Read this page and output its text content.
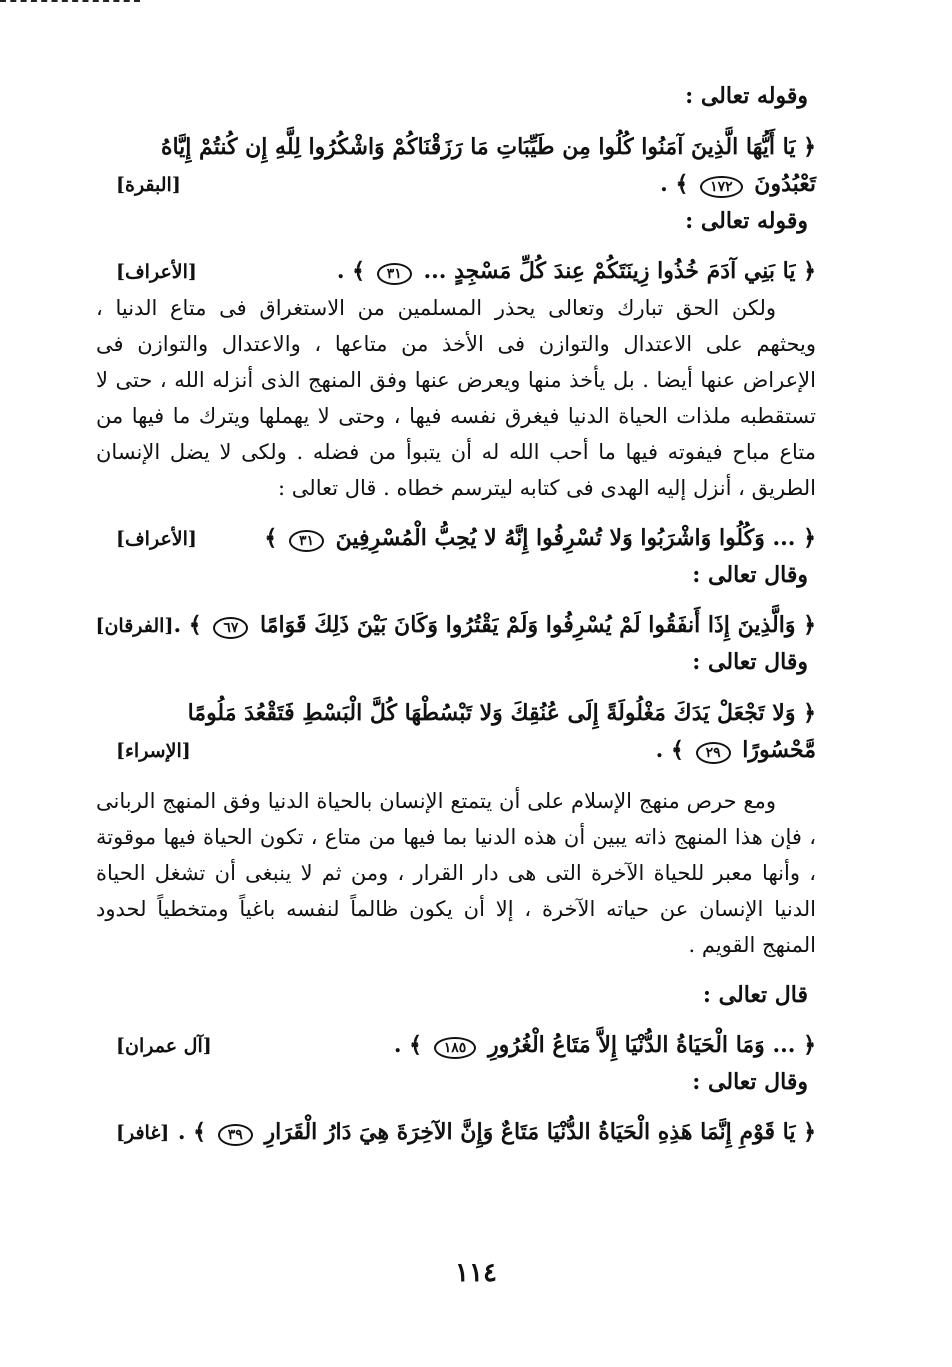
وقوله تعالى :
﴿ يَا أَيُّهَا الَّذِينَ آمَنُوا كُلُوا مِن طَيِّبَاتِ مَا رَزَقْنَاكُمْ وَاشْكُرُوا لِلَّهِ إِن كُنتُمْ إِيَّاهُ
تَعْبُدُونَ ١٧٢ ﴾ .
[البقرة]
وقوله تعالى :
﴿ يَا بَنِي آدَمَ خُذُوا زِينَتَكُمْ عِندَ كُلِّ مَسْجِدٍ ... ٣١ ﴾ .
[الأعراف]

ولكن الحق تبارك وتعالى يحذر المسلمين من الاستغراق فى متاع الدنيا ، ويحثهم على الاعتدال والتوازن فى الأخذ من متاعها ، والاعتدال والتوازن فى الإعراض عنها أيضا . بل يأخذ منها ويعرض عنها وفق المنهج الذى أنزله الله ، حتى لا تستقطبه ملذات الحياة الدنيا فيغرق نفسه فيها ، وحتى لا يهملها ويترك ما فيها من متاع مباح فيفوته فيها ما أحب الله له أن يتبوأ من فضله . ولكى لا يضل الإنسان الطريق ، أنزل إليه الهدى فى كتابه ليترسم خطاه . قال تعالى :

﴿ ... وَكُلُوا وَاشْرَبُوا وَلا تُسْرِفُوا إِنَّهُ لا يُحِبُّ الْمُسْرِفِينَ ٣١ ﴾
[الأعراف]
وقال تعالى :
﴿ وَالَّذِينَ إِذَا أَنفَقُوا لَمْ يُسْرِفُوا وَلَمْ يَقْتُرُوا وَكَانَ بَيْنَ ذَلِكَ قَوَامًا ٦٧ ﴾ .
[الفرقان]
وقال تعالى :
﴿ وَلا تَجْعَلْ يَدَكَ مَغْلُولَةً إِلَى عُنُقِكَ وَلا تَبْسُطْهَا كُلَّ الْبَسْطِ فَتَقْعُدَ مَلُومًا
مَّحْسُورًا ٢٩ ﴾ .
[الإسراء]

ومع حرص منهج الإسلام على أن يتمتع الإنسان بالحياة الدنيا وفق المنهج الربانى ، فإن هذا المنهج ذاته يبين أن هذه الدنيا بما فيها من متاع ، تكون الحياة فيها موقوتة ، وأنها معبر للحياة الآخرة التى هى دار القرار ، ومن ثم لا ينبغى أن تشغل الحياة الدنيا الإنسان عن حياته الآخرة ، إلا أن يكون ظالماً لنفسه باغياً ومتخطياً لحدود المنهج القويم .

قال تعالى :
﴿ ... وَمَا الْحَيَاةُ الدُّنْيَا إِلاَّ مَتَاعُ الْغُرُورِ ١٨٥ ﴾ .
[آل عمران]
وقال تعالى :
﴿ يَا قَوْمِ إِنَّمَا هَذِهِ الْحَيَاةُ الدُّنْيَا مَتَاعٌ وَإِنَّ الآخِرَةَ هِيَ دَارُ الْقَرَارِ ٣٩ ﴾ .
[غافر]
١١٤
